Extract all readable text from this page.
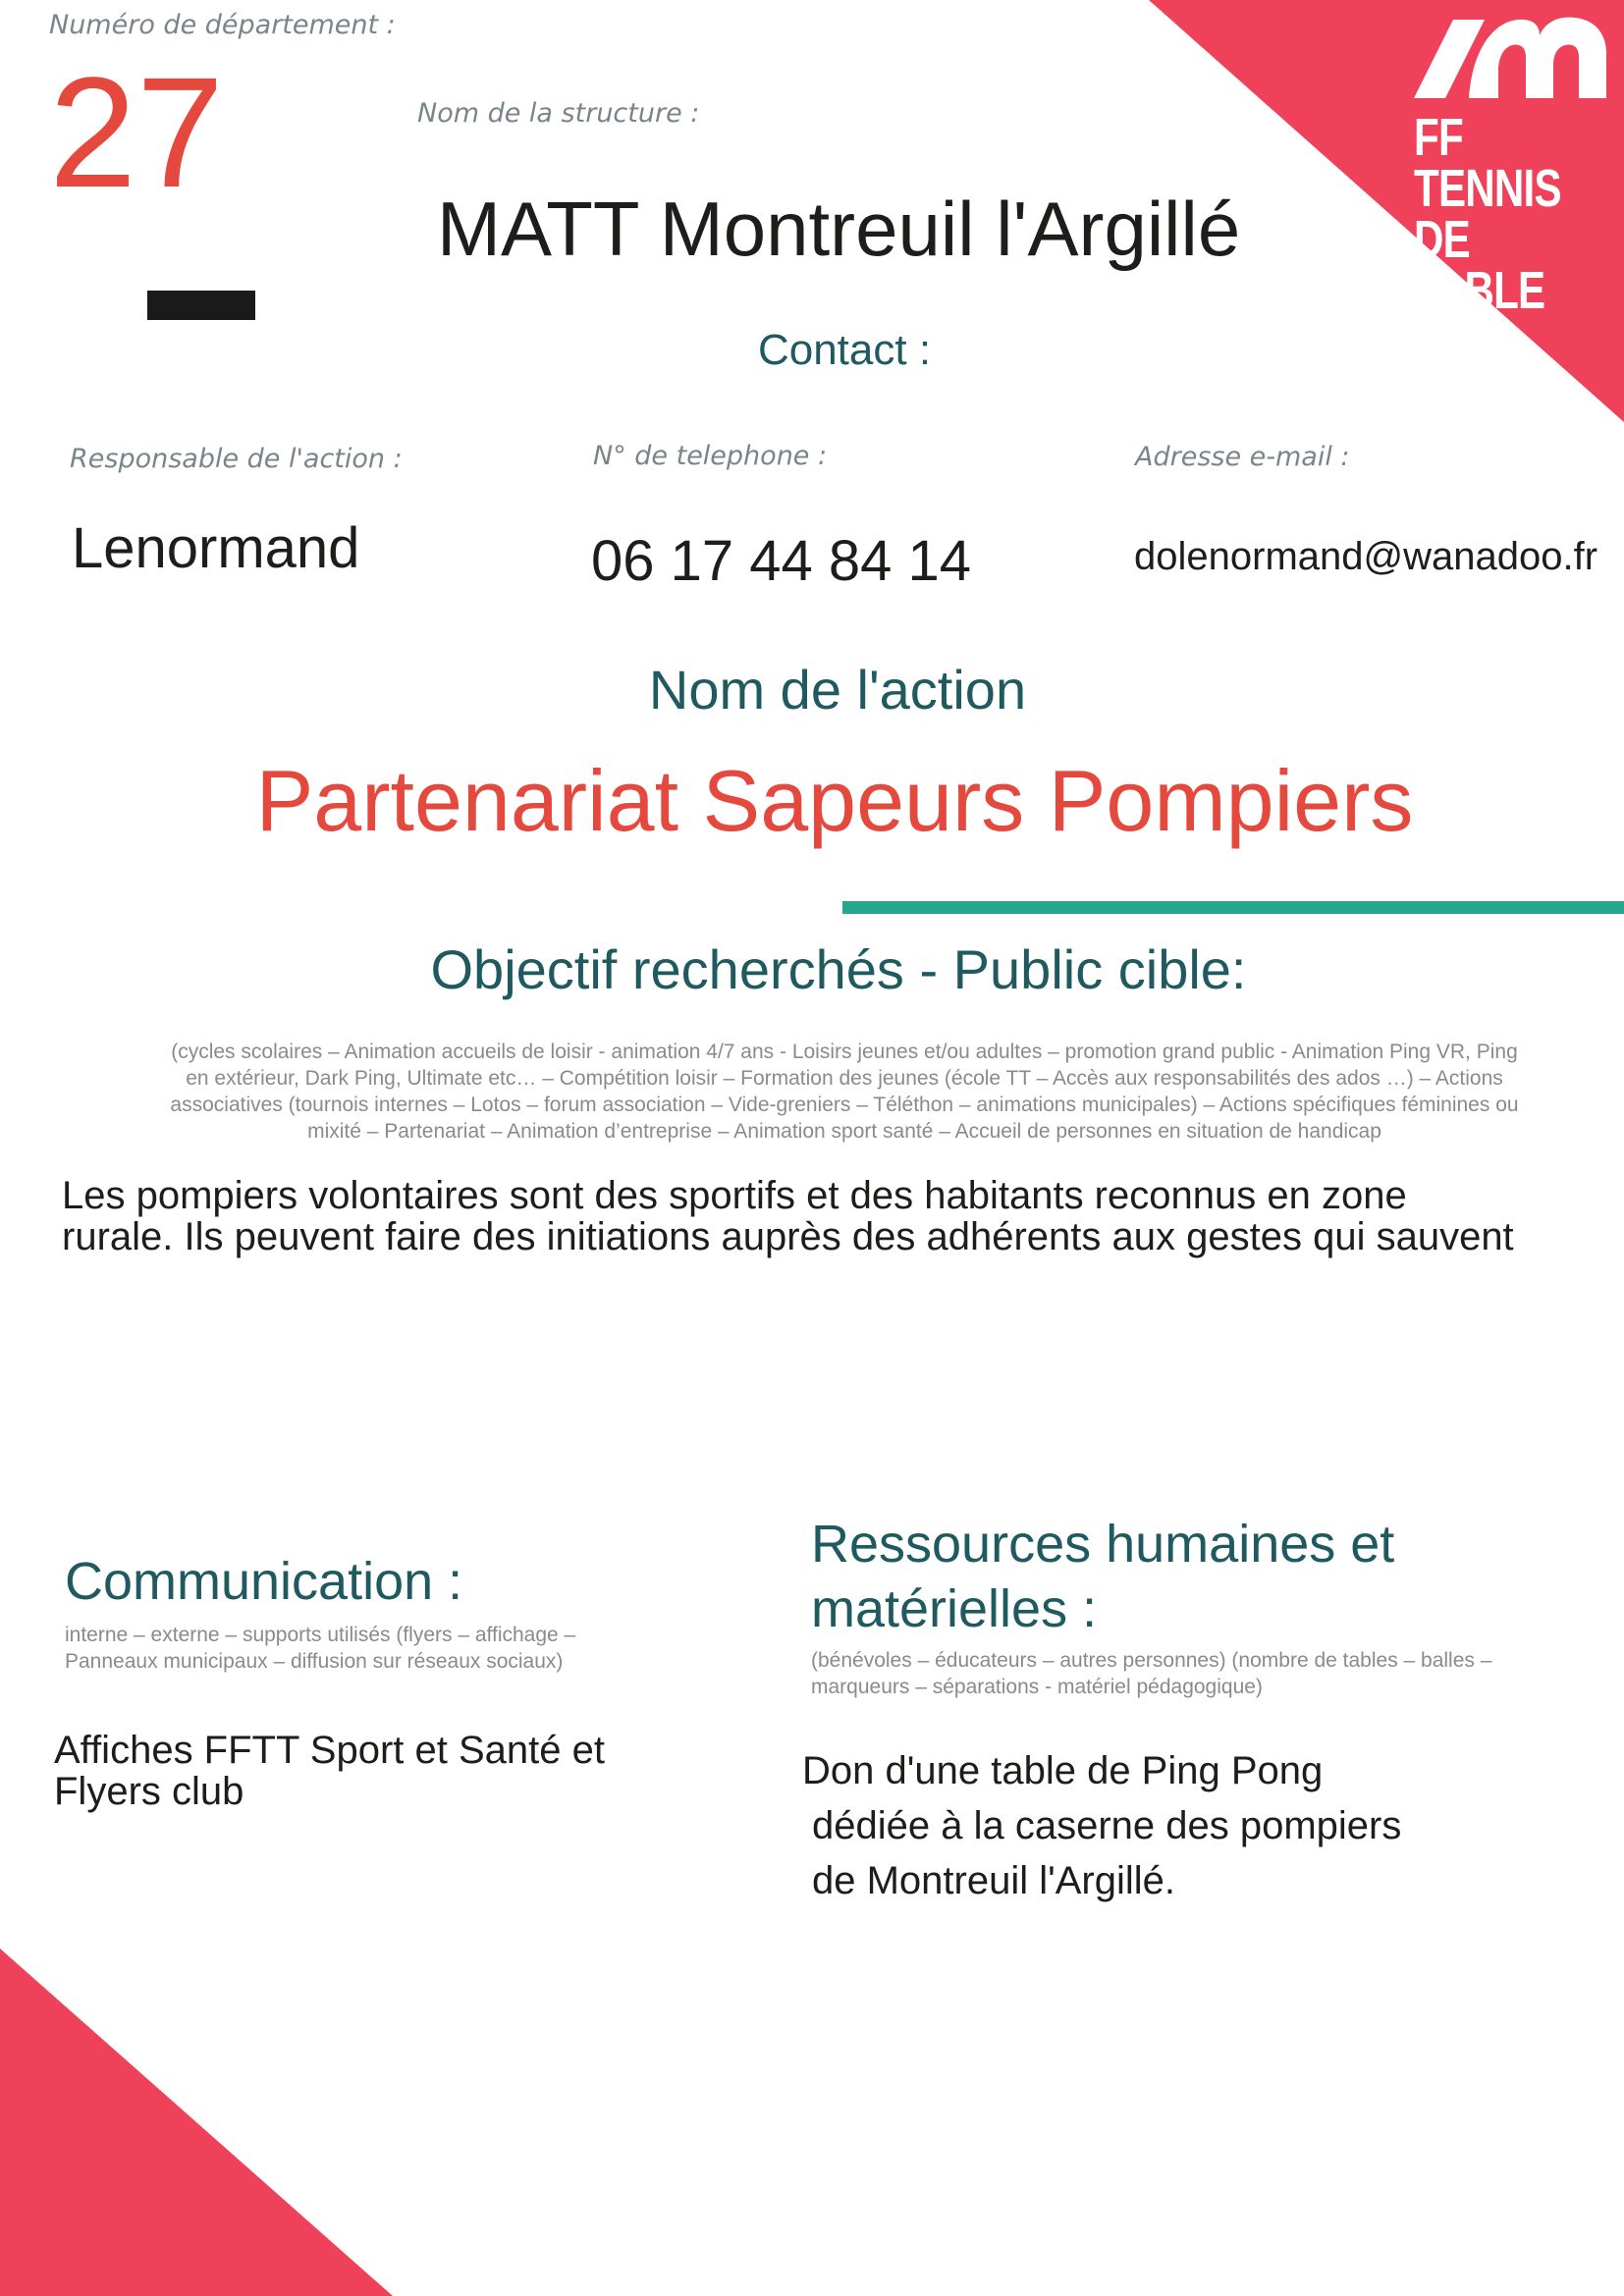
FF TENNIS
DE TABLE
Numéro de département :
27	Nom de la structure :
MATT Montreuil l'Argillé
Contact :
Responsable de l'action :
Lenormand
N° de telephone :
06 17 44 84 14
Adresse e-mail :
dolenormand@wanadoo.fr
Nom de l'action
Partenariat Sapeurs Pompiers
Objectif recherchés - Public cible:
(cycles scolaires – Animation accueils de loisir - animation 4/7 ans - Loisirs jeunes et/ou adultes – promotion grand public - Animation Ping VR, Ping en extérieur, Dark Ping, Ultimate etc… – Compétition loisir – Formation des jeunes (école TT – Accès aux responsabilités des ados …) – Actions associatives (tournois internes – Lotos – forum association – Vide-greniers – Téléthon – animations municipales) – Actions spécifiques féminines ou mixité – Partenariat – Animation d’entreprise – Animation sport santé – Accueil de personnes en situation de handicap
Les pompiers volontaires sont des sportifs et des habitants reconnus en zone rurale. Ils peuvent faire des initiations auprès des adhérents aux gestes qui sauvent
Communication :
interne – externe – supports utilisés (flyers – affichage – Panneaux municipaux – diffusion sur réseaux sociaux)
Affiches FFTT Sport et Santé et Flyers club
Ressources humaines et matérielles :
(bénévoles – éducateurs – autres personnes) (nombre de tables – balles – marqueurs – séparations - matériel pédagogique)
Don d'une table de Ping Pong
dédiée à la caserne des pompiers
de Montreuil l'Argillé.
